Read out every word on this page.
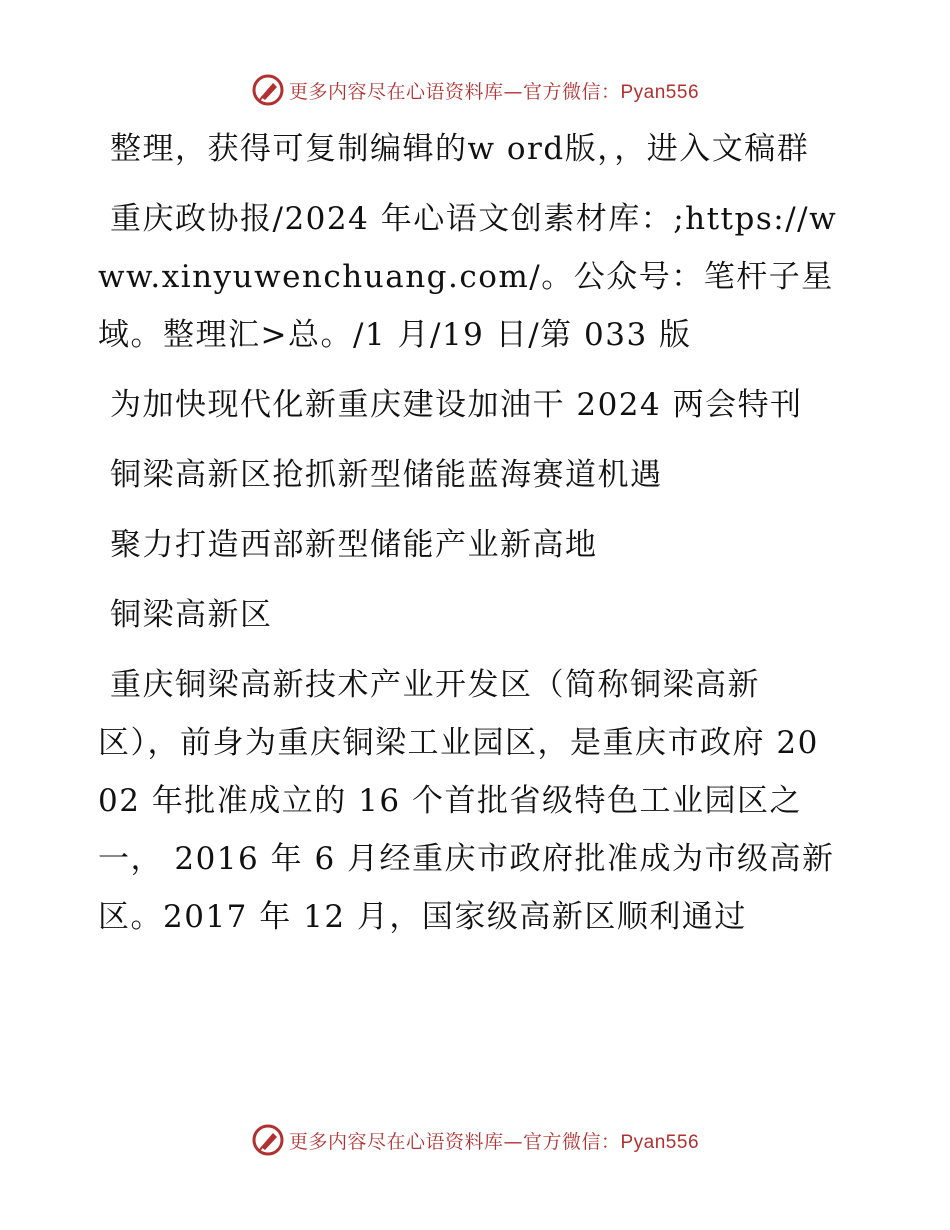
更多内容尽在心语资料库—官方微信：Pyan556

整理，获得可复制编辑的w ord版，，进入文稿群

重庆政协报/2024 年心语文创素材库：;https://www.xinyuwenchuang.com/。公众号：笔杆子星域。整理汇>总。/1 月/19 日/第 033 版

为加快现代化新重庆建设加油干 2024 两会特刊

铜梁高新区抢抓新型储能蓝海赛道机遇

聚力打造西部新型储能产业新高地

铜梁高新区

重庆铜梁高新技术产业开发区（简称铜梁高新区），前身为重庆铜梁工业园区，是重庆市政府 2002 年批准成立的 16 个首批省级特色工业园区之一， 2016 年 6 月经重庆市政府批准成为市级高新区。2017 年 12 月，国家级高新区顺利通过

更多内容尽在心语资料库—官方微信：Pyan556
